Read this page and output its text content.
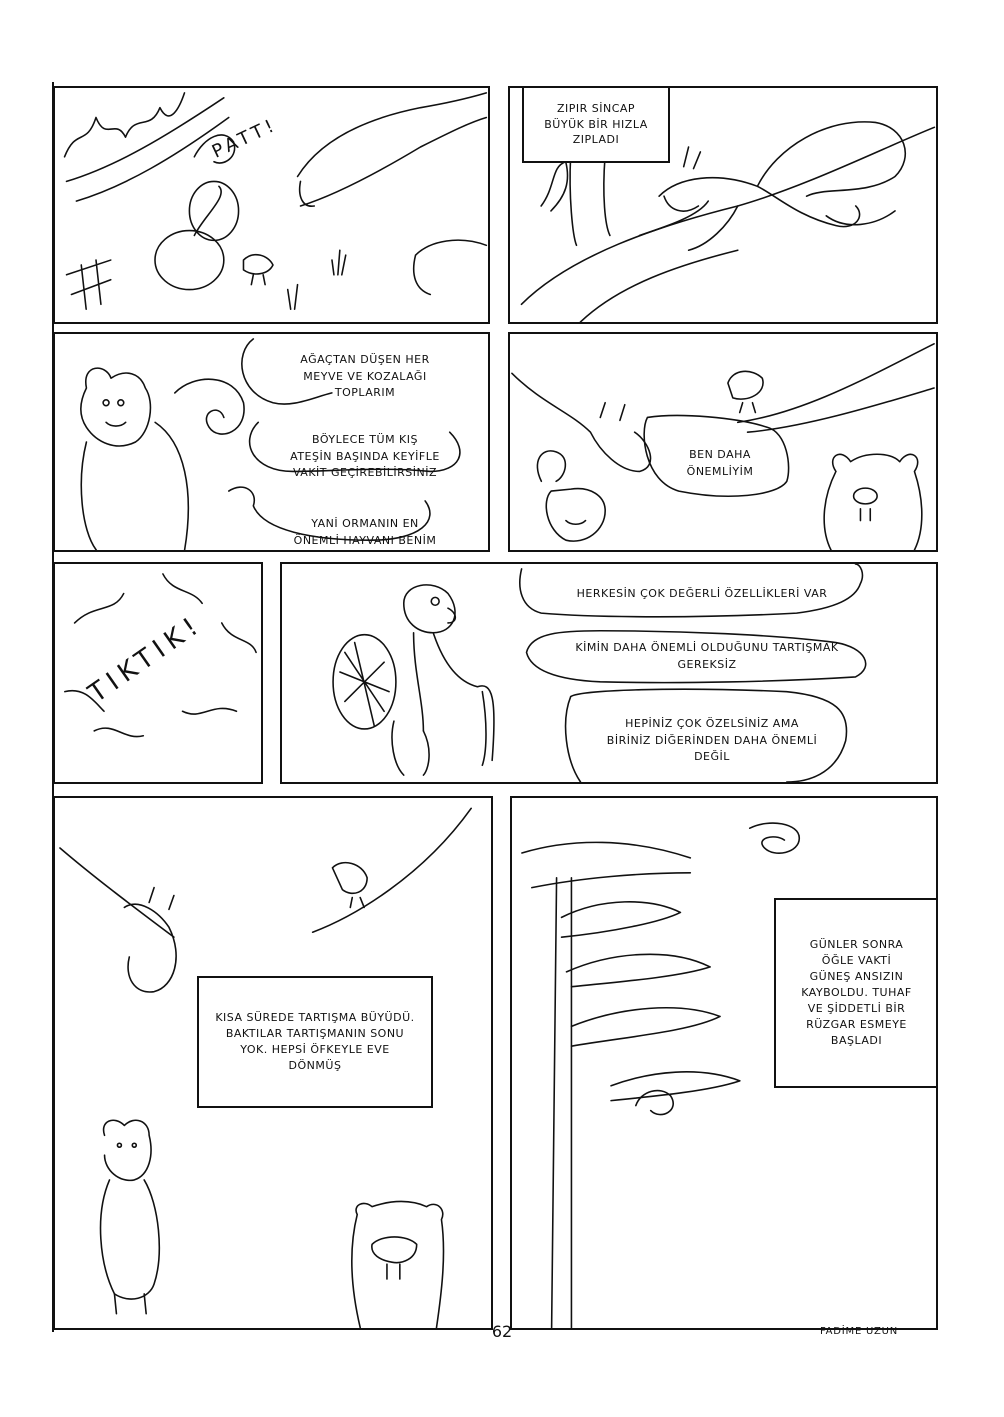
PATT!
ZIPIR SİNCAP
BÜYÜK BİR HIZLA
ZIPLADI
AĞAÇTAN DÜŞEN HER
MEYVE VE KOZALAĞI
TOPLARIM
BÖYLECE TÜM KIŞ
ATEŞİN BAŞINDA KEYİFLE
VAKİT GEÇİREBİLİRSİNİZ
YANİ ORMANIN EN
ÖNEMLİ HAYVANI BENİM
BEN DAHA
ÖNEMLİYİM
TIKTIK!
HERKESİN ÇOK DEĞERLİ ÖZELLİKLERİ VAR
KİMİN DAHA ÖNEMLİ OLDUĞUNU TARTIŞMAK
GEREKSİZ
HEPİNİZ ÇOK ÖZELSİNİZ AMA
BİRİNİZ DİĞERİNDEN DAHA ÖNEMLİ
DEĞİL
KISA SÜREDE TARTIŞMA BÜYÜDÜ.
BAKTILAR TARTIŞMANIN SONU
YOK. HEPSİ ÖFKEYLE EVE
DÖNMÜŞ
GÜNLER SONRA
ÖĞLE VAKTİ
GÜNEŞ ANSIZIN
KAYBOLDU. TUHAF
VE ŞİDDETLİ BİR
RÜZGAR ESMEYE
BAŞLADI
62	FADİME UZUN
